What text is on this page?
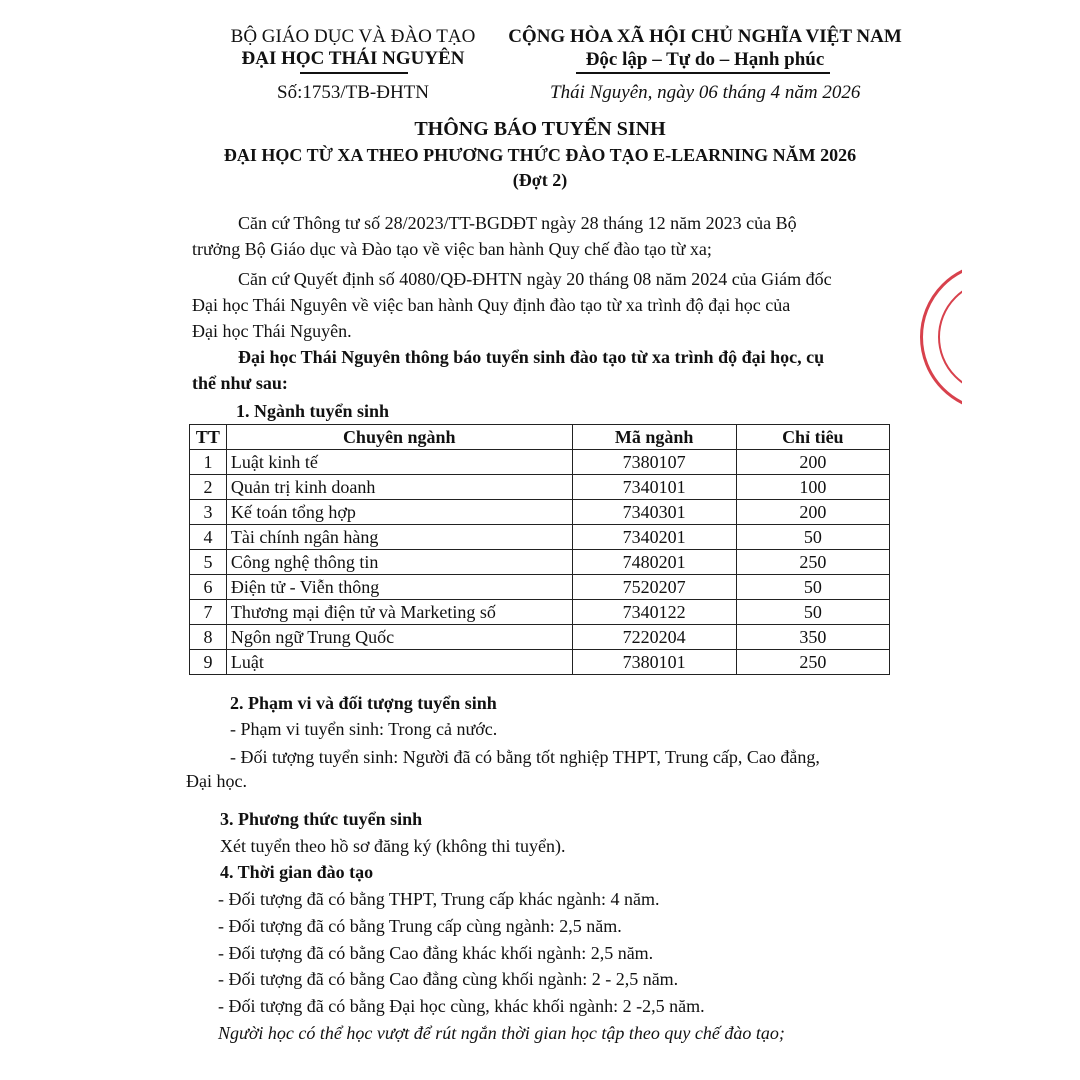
BỘ GIÁO DỤC VÀ ĐÀO TẠO
ĐẠI HỌC THÁI NGUYÊN
Số:1753/TB-ĐHTN
CỘNG HÒA XÃ HỘI CHỦ NGHĨA VIỆT NAM
Độc lập – Tự do – Hạnh phúc
Thái Nguyên, ngày 06 tháng 4 năm 2026
THÔNG BÁO TUYỂN SINH
ĐẠI HỌC TỪ XA THEO PHƯƠNG THỨC ĐÀO TẠO E-LEARNING NĂM 2026
(Đợt 2)
Căn cứ Thông tư số 28/2023/TT-BGDĐT ngày 28 tháng 12 năm 2023 của Bộ
trưởng Bộ Giáo dục và Đào tạo về việc ban hành Quy chế đào tạo từ xa;
Căn cứ Quyết định số 4080/QĐ-ĐHTN ngày 20 tháng 08 năm 2024 của Giám đốc
Đại học Thái Nguyên về việc ban hành Quy định đào tạo từ xa trình độ đại học của
Đại học Thái Nguyên.
Đại học Thái Nguyên thông báo tuyển sinh đào tạo từ xa trình độ đại học, cụ
thể như sau:
1. Ngành tuyển sinh
TT	Chuyên ngành	Mã ngành	Chỉ tiêu
1	Luật kinh tế	7380107	200
2	Quản trị kinh doanh	7340101	100
3	Kế toán tổng hợp	7340301	200
4	Tài chính ngân hàng	7340201	50
5	Công nghệ thông tin	7480201	250
6	Điện tử - Viễn thông	7520207	50
7	Thương mại điện tử và Marketing số	7340122	50
8	Ngôn ngữ Trung Quốc	7220204	350
9	Luật	7380101	250
2. Phạm vi và đối tượng tuyển sinh
- Phạm vi tuyển sinh: Trong cả nước.
- Đối tượng tuyển sinh: Người đã có bằng tốt nghiệp THPT, Trung cấp, Cao đẳng,
Đại học.
3. Phương thức tuyển sinh
Xét tuyển theo hồ sơ đăng ký (không thi tuyển).
4. Thời gian đào tạo
- Đối tượng đã có bằng THPT, Trung cấp khác ngành: 4 năm.
- Đối tượng đã có bằng Trung cấp cùng ngành: 2,5 năm.
- Đối tượng đã có bằng Cao đẳng khác khối ngành: 2,5 năm.
- Đối tượng đã có bằng Cao đẳng cùng khối ngành: 2 - 2,5 năm.
- Đối tượng đã có bằng Đại học cùng, khác khối ngành: 2 -2,5 năm.
Người học có thể học vượt để rút ngắn thời gian học tập theo quy chế đào tạo;
